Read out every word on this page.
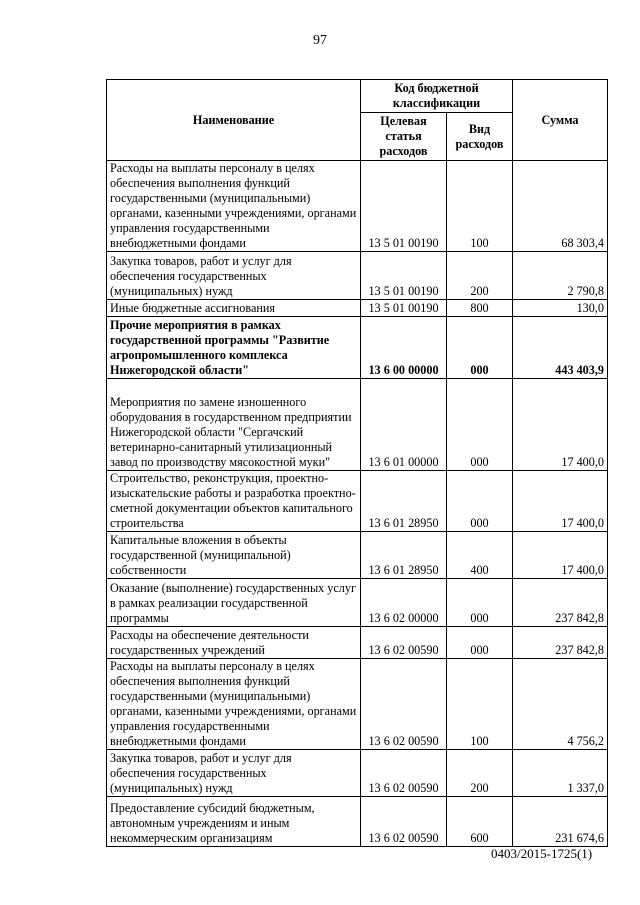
97
Наименование	Код бюджетной классификации		Сумма
	Целевая статья расходов	Вид расходов	
Расходы на выплаты персоналу в целях обеспечения выполнения функций государственными (муниципальными) органами, казенными учреждениями, органами управления государственными внебюджетными фондами	13 5 01 00190	100	68 303,4
Закупка товаров, работ и услуг для обеспечения государственных (муниципальных) нужд	13 5 01 00190	200	2 790,8
Иные бюджетные ассигнования	13 5 01 00190	800	130,0
Прочие мероприятия в рамках государственной программы "Развитие агропромышленного комплекса Нижегородской области"	13 6 00 00000	000	443 403,9
Мероприятия по замене изношенного оборудования в государственном предприятии Нижегородской области "Сергачский ветеринарно-санитарный утилизационный завод по производству мясокостной муки"	13 6 01 00000	000	17 400,0
Строительство, реконструкция, проектно-изыскательские работы и разработка проектно-сметной документации объектов капитального строительства	13 6 01 28950	000	17 400,0
Капитальные вложения в объекты государственной (муниципальной) собственности	13 6 01 28950	400	17 400,0
Оказание (выполнение) государственных услуг в рамках реализации государственной программы	13 6 02 00000	000	237 842,8
Расходы на обеспечение деятельности государственных учреждений	13 6 02 00590	000	237 842,8
Расходы на выплаты персоналу в целях обеспечения выполнения функций государственными (муниципальными) органами, казенными учреждениями, органами управления государственными внебюджетными фондами	13 6 02 00590	100	4 756,2
Закупка товаров, работ и услуг для обеспечения государственных (муниципальных) нужд	13 6 02 00590	200	1 337,0
Предоставление субсидий бюджетным, автономным учреждениям и иным некоммерческим организациям	13 6 02 00590	600	231 674,6
0403/2015-1725(1)
